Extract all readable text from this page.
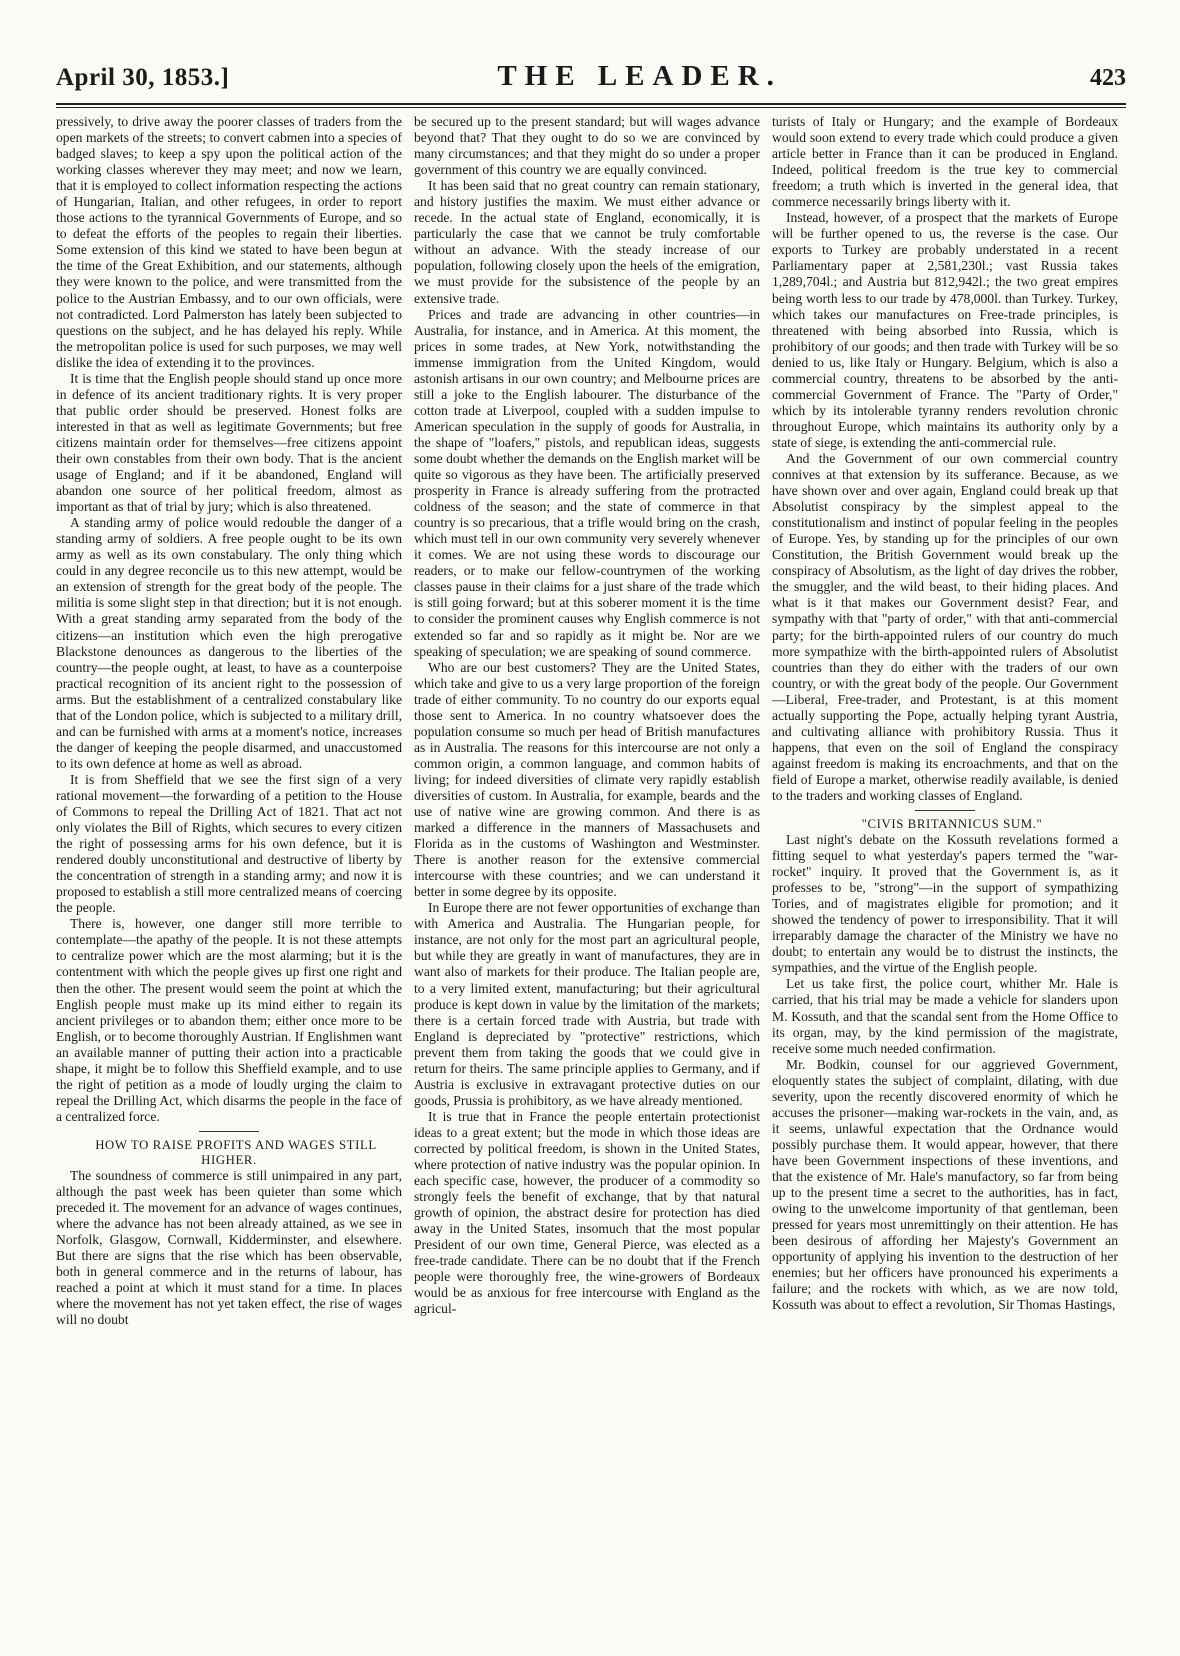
April 30, 1853.]	THE LEADER.	423

pressively, to drive away the poorer classes of traders from the open markets of the streets; to convert cabmen into a species of badged slaves; to keep a spy upon the political action of the working classes wherever they may meet; and now we learn, that it is employed to collect information respecting the actions of Hungarian, Italian, and other refugees, in order to report those actions to the tyrannical Governments of Europe, and so to defeat the efforts of the peoples to regain their liberties. Some extension of this kind we stated to have been begun at the time of the Great Exhibition, and our statements, although they were known to the police, and were transmitted from the police to the Austrian Embassy, and to our own officials, were not contradicted. Lord Palmerston has lately been subjected to questions on the subject, and he has delayed his reply. While the metropolitan police is used for such purposes, we may well dislike the idea of extending it to the provinces.

It is time that the English people should stand up once more in defence of its ancient traditionary rights. It is very proper that public order should be preserved. Honest folks are interested in that as well as legitimate Governments; but free citizens maintain order for themselves—free citizens appoint their own constables from their own body. That is the ancient usage of England; and if it be abandoned, England will abandon one source of her political freedom, almost as important as that of trial by jury; which is also threatened.

A standing army of police would redouble the danger of a standing army of soldiers. A free people ought to be its own army as well as its own constabulary. The only thing which could in any degree reconcile us to this new attempt, would be an extension of strength for the great body of the people. The militia is some slight step in that direction; but it is not enough. With a great standing army separated from the body of the citizens—an institution which even the high prerogative Blackstone denounces as dangerous to the liberties of the country—the people ought, at least, to have as a counterpoise practical recognition of its ancient right to the possession of arms. But the establishment of a centralized constabulary like that of the London police, which is subjected to a military drill, and can be furnished with arms at a moment's notice, increases the danger of keeping the people disarmed, and unaccustomed to its own defence at home as well as abroad.

It is from Sheffield that we see the first sign of a very rational movement—the forwarding of a petition to the House of Commons to repeal the Drilling Act of 1821. That act not only violates the Bill of Rights, which secures to every citizen the right of possessing arms for his own defence, but it is rendered doubly unconstitutional and destructive of liberty by the concentration of strength in a standing army; and now it is proposed to establish a still more centralized means of coercing the people.

There is, however, one danger still more terrible to contemplate—the apathy of the people. It is not these attempts to centralize power which are the most alarming; but it is the contentment with which the people gives up first one right and then the other. The present would seem the point at which the English people must make up its mind either to regain its ancient privileges or to abandon them; either once more to be English, or to become thoroughly Austrian. If Englishmen want an available manner of putting their action into a practicable shape, it might be to follow this Sheffield example, and to use the right of petition as a mode of loudly urging the claim to repeal the Drilling Act, which disarms the people in the face of a centralized force.

HOW TO RAISE PROFITS AND WAGES STILL HIGHER.

The soundness of commerce is still unimpaired in any part, although the past week has been quieter than some which preceded it. The movement for an advance of wages continues, where the advance has not been already attained, as we see in Norfolk, Glasgow, Cornwall, Kidderminster, and elsewhere. But there are signs that the rise which has been observable, both in general commerce and in the returns of labour, has reached a point at which it must stand for a time. In places where the movement has not yet taken effect, the rise of wages will no doubt

be secured up to the present standard; but will wages advance beyond that? That they ought to do so we are convinced by many circumstances; and that they might do so under a proper government of this country we are equally convinced.

It has been said that no great country can remain stationary, and history justifies the maxim. We must either advance or recede. In the actual state of England, economically, it is particularly the case that we cannot be truly comfortable without an advance. With the steady increase of our population, following closely upon the heels of the emigration, we must provide for the subsistence of the people by an extensive trade.

Prices and trade are advancing in other countries—in Australia, for instance, and in America. At this moment, the prices in some trades, at New York, notwithstanding the immense immigration from the United Kingdom, would astonish artisans in our own country; and Melbourne prices are still a joke to the English labourer. The disturbance of the cotton trade at Liverpool, coupled with a sudden impulse to American speculation in the supply of goods for Australia, in the shape of "loafers," pistols, and republican ideas, suggests some doubt whether the demands on the English market will be quite so vigorous as they have been. The artificially preserved prosperity in France is already suffering from the protracted coldness of the season; and the state of commerce in that country is so precarious, that a trifle would bring on the crash, which must tell in our own community very severely whenever it comes. We are not using these words to discourage our readers, or to make our fellow-countrymen of the working classes pause in their claims for a just share of the trade which is still going forward; but at this soberer moment it is the time to consider the prominent causes why English commerce is not extended so far and so rapidly as it might be. Nor are we speaking of speculation; we are speaking of sound commerce.

Who are our best customers? They are the United States, which take and give to us a very large proportion of the foreign trade of either community. To no country do our exports equal those sent to America. In no country whatsoever does the population consume so much per head of British manufactures as in Australia. The reasons for this intercourse are not only a common origin, a common language, and common habits of living; for indeed diversities of climate very rapidly establish diversities of custom. In Australia, for example, beards and the use of native wine are growing common. And there is as marked a difference in the manners of Massachusets and Florida as in the customs of Washington and Westminster. There is another reason for the extensive commercial intercourse with these countries; and we can understand it better in some degree by its opposite.

In Europe there are not fewer opportunities of exchange than with America and Australia. The Hungarian people, for instance, are not only for the most part an agricultural people, but while they are greatly in want of manufactures, they are in want also of markets for their produce. The Italian people are, to a very limited extent, manufacturing; but their agricultural produce is kept down in value by the limitation of the markets; there is a certain forced trade with Austria, but trade with England is depreciated by "protective" restrictions, which prevent them from taking the goods that we could give in return for theirs. The same principle applies to Germany, and if Austria is exclusive in extravagant protective duties on our goods, Prussia is prohibitory, as we have already mentioned.

It is true that in France the people entertain protectionist ideas to a great extent; but the mode in which those ideas are corrected by political freedom, is shown in the United States, where protection of native industry was the popular opinion. In each specific case, however, the producer of a commodity so strongly feels the benefit of exchange, that by that natural growth of opinion, the abstract desire for protection has died away in the United States, insomuch that the most popular President of our own time, General Pierce, was elected as a free-trade candidate. There can be no doubt that if the French people were thoroughly free, the wine-growers of Bordeaux would be as anxious for free intercourse with England as the agricul-

turists of Italy or Hungary; and the example of Bordeaux would soon extend to every trade which could produce a given article better in France than it can be produced in England. Indeed, political freedom is the true key to commercial freedom; a truth which is inverted in the general idea, that commerce necessarily brings liberty with it.

Instead, however, of a prospect that the markets of Europe will be further opened to us, the reverse is the case. Our exports to Turkey are probably understated in a recent Parliamentary paper at 2,581,230l.; vast Russia takes 1,289,704l.; and Austria but 812,942l.; the two great empires being worth less to our trade by 478,000l. than Turkey. Turkey, which takes our manufactures on Free-trade principles, is threatened with being absorbed into Russia, which is prohibitory of our goods; and then trade with Turkey will be so denied to us, like Italy or Hungary. Belgium, which is also a commercial country, threatens to be absorbed by the anti-commercial Government of France. The "Party of Order," which by its intolerable tyranny renders revolution chronic throughout Europe, which maintains its authority only by a state of siege, is extending the anti-commercial rule.

And the Government of our own commercial country connives at that extension by its sufferance. Because, as we have shown over and over again, England could break up that Absolutist conspiracy by the simplest appeal to the constitutionalism and instinct of popular feeling in the peoples of Europe. Yes, by standing up for the principles of our own Constitution, the British Government would break up the conspiracy of Absolutism, as the light of day drives the robber, the smuggler, and the wild beast, to their hiding places. And what is it that makes our Government desist? Fear, and sympathy with that "party of order," with that anti-commercial party; for the birth-appointed rulers of our country do much more sympathize with the birth-appointed rulers of Absolutist countries than they do either with the traders of our own country, or with the great body of the people. Our Government—Liberal, Free-trader, and Protestant, is at this moment actually supporting the Pope, actually helping tyrant Austria, and cultivating alliance with prohibitory Russia. Thus it happens, that even on the soil of England the conspiracy against freedom is making its encroachments, and that on the field of Europe a market, otherwise readily available, is denied to the traders and working classes of England.

"CIVIS BRITANNICUS SUM."

Last night's debate on the Kossuth revelations formed a fitting sequel to what yesterday's papers termed the "war-rocket" inquiry. It proved that the Government is, as it professes to be, "strong"—in the support of sympathizing Tories, and of magistrates eligible for promotion; and it showed the tendency of power to irresponsibility. That it will irreparably damage the character of the Ministry we have no doubt; to entertain any would be to distrust the instincts, the sympathies, and the virtue of the English people.

Let us take first, the police court, whither Mr. Hale is carried, that his trial may be made a vehicle for slanders upon M. Kossuth, and that the scandal sent from the Home Office to its organ, may, by the kind permission of the magistrate, receive some much needed confirmation.

Mr. Bodkin, counsel for our aggrieved Government, eloquently states the subject of complaint, dilating, with due severity, upon the recently discovered enormity of which he accuses the prisoner—making war-rockets in the vain, and, as it seems, unlawful expectation that the Ordnance would possibly purchase them. It would appear, however, that there have been Government inspections of these inventions, and that the existence of Mr. Hale's manufactory, so far from being up to the present time a secret to the authorities, has in fact, owing to the unwelcome importunity of that gentleman, been pressed for years most unremittingly on their attention. He has been desirous of affording her Majesty's Government an opportunity of applying his invention to the destruction of her enemies; but her officers have pronounced his experiments a failure; and the rockets with which, as we are now told, Kossuth was about to effect a revolution, Sir Thomas Hastings,
